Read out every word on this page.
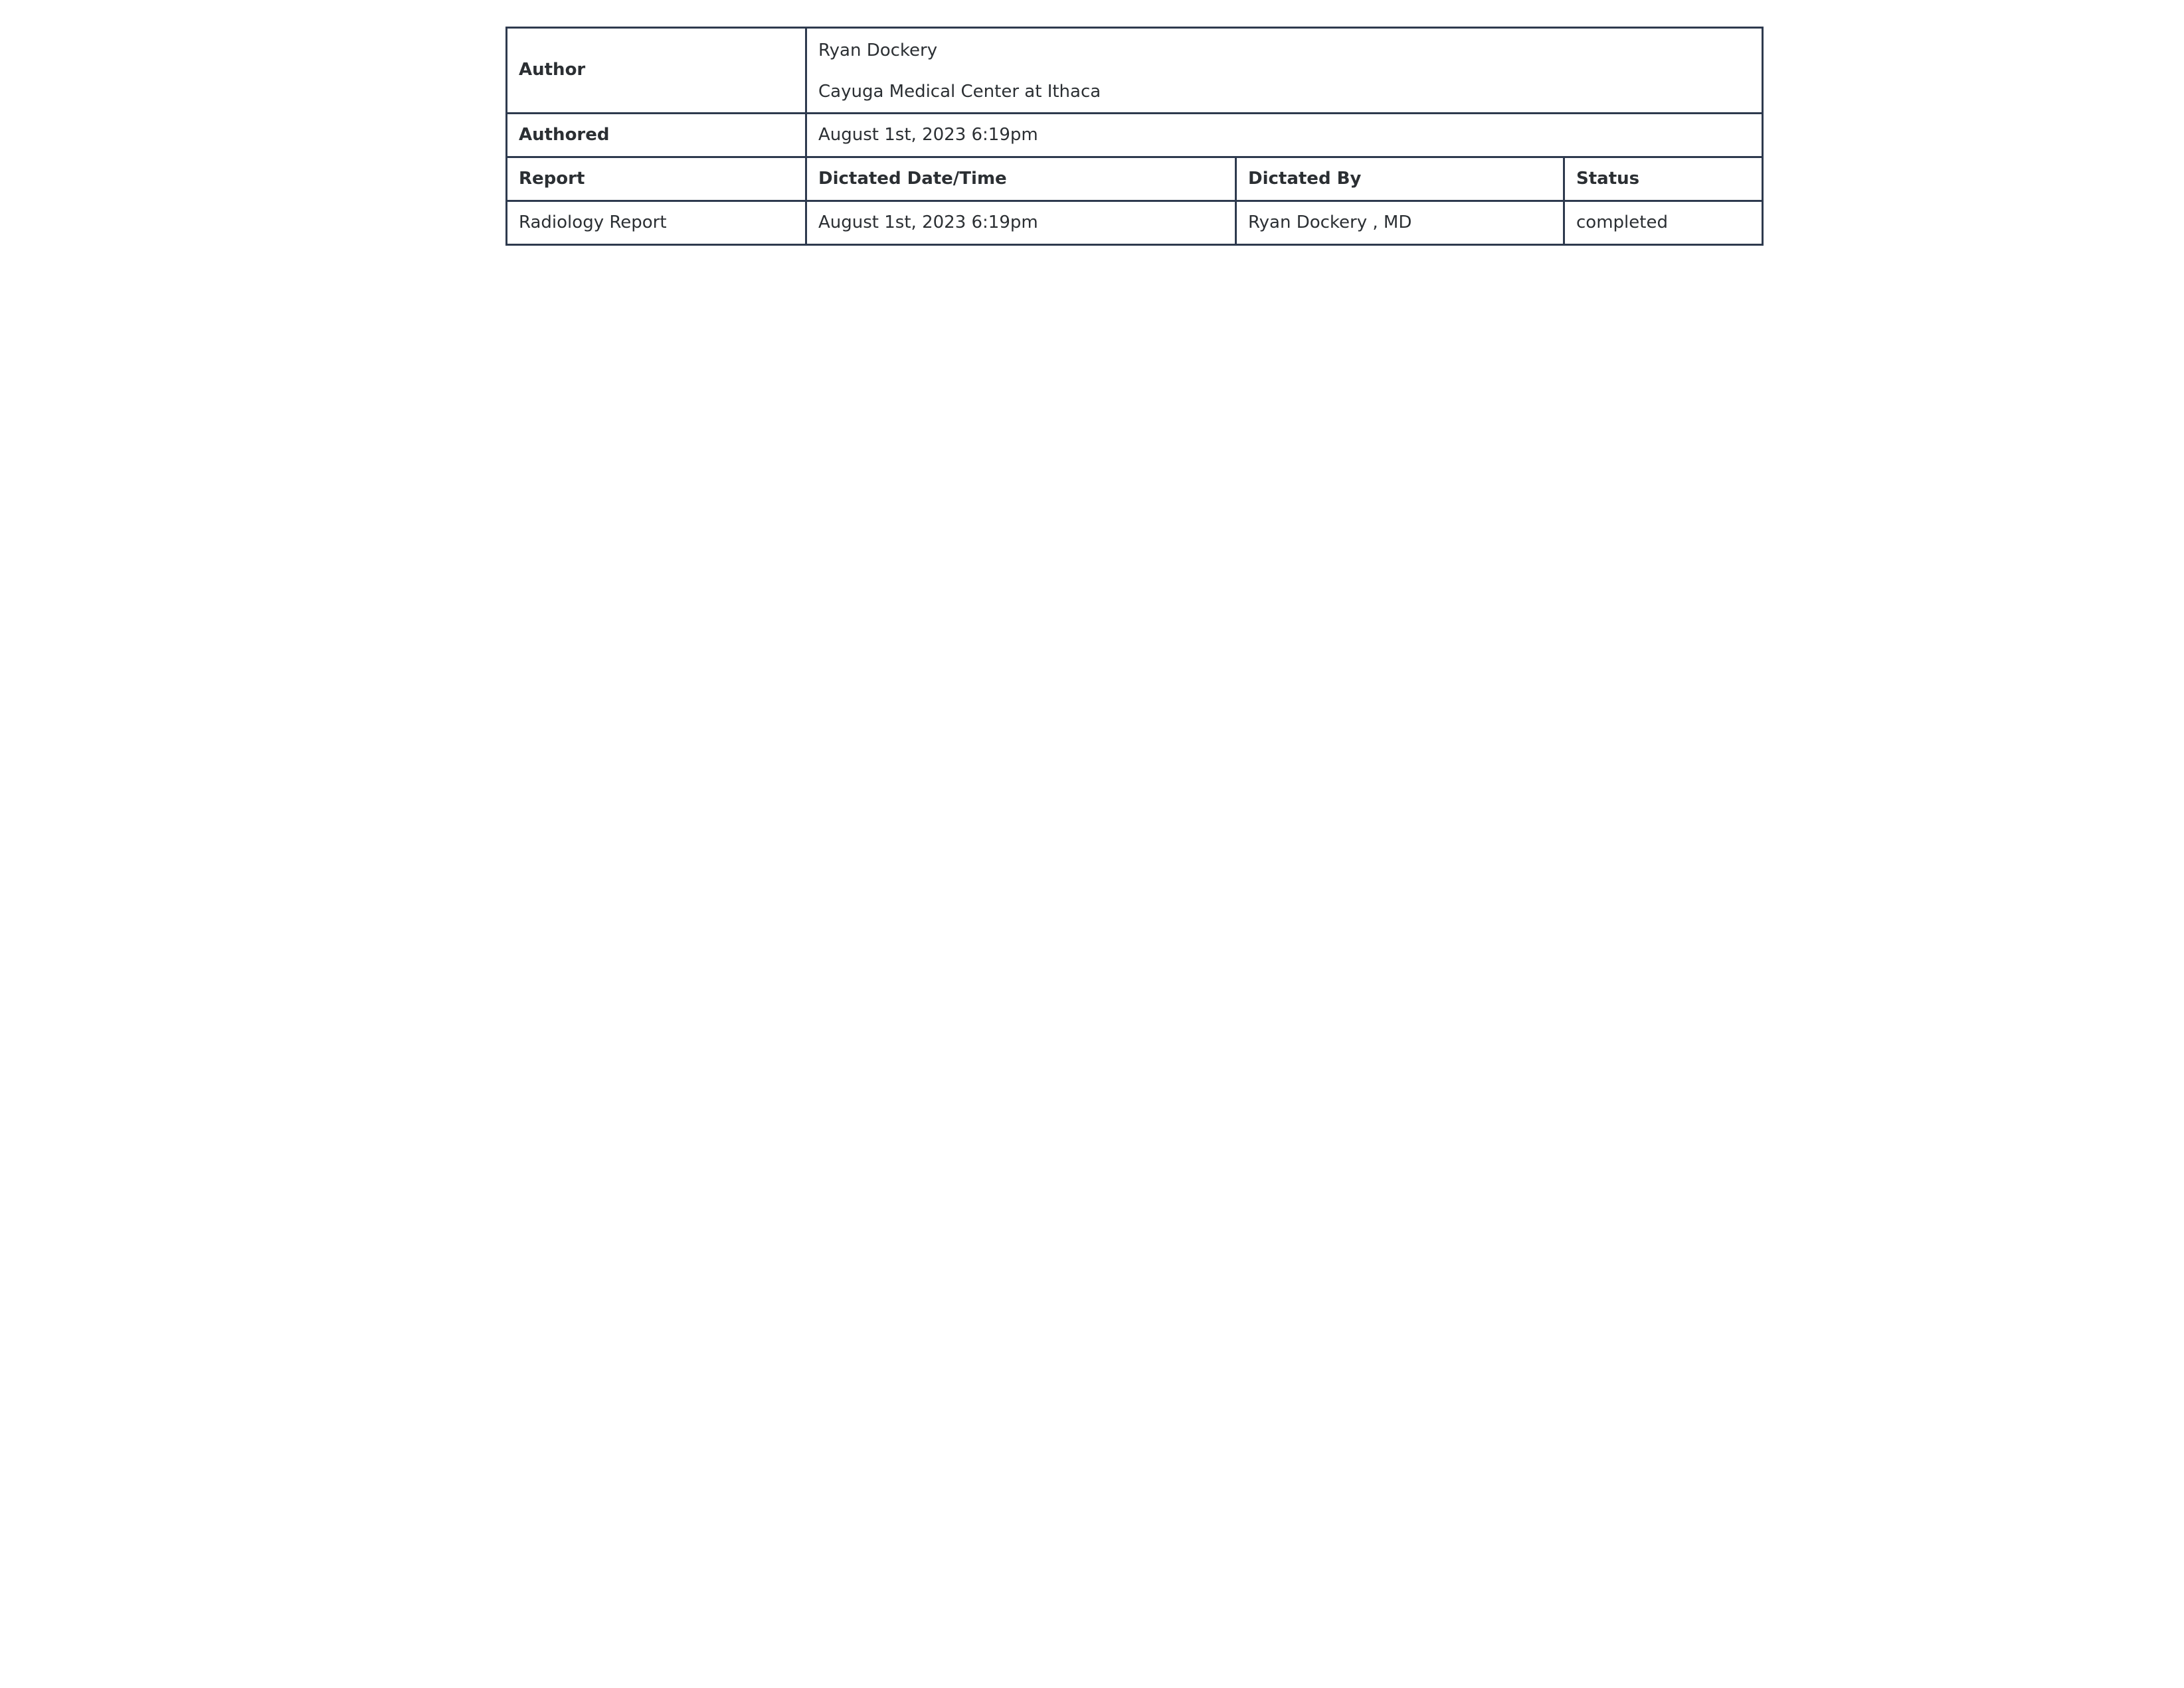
Author	Ryan Dockery
Cayuga Medical Center at Ithaca		

Authored	August 1st, 2023 6:19pm		
Report	Dictated Date/Time	Dictated By	Status
Radiology Report	August 1st, 2023 6:19pm	Ryan Dockery , MD	completed
